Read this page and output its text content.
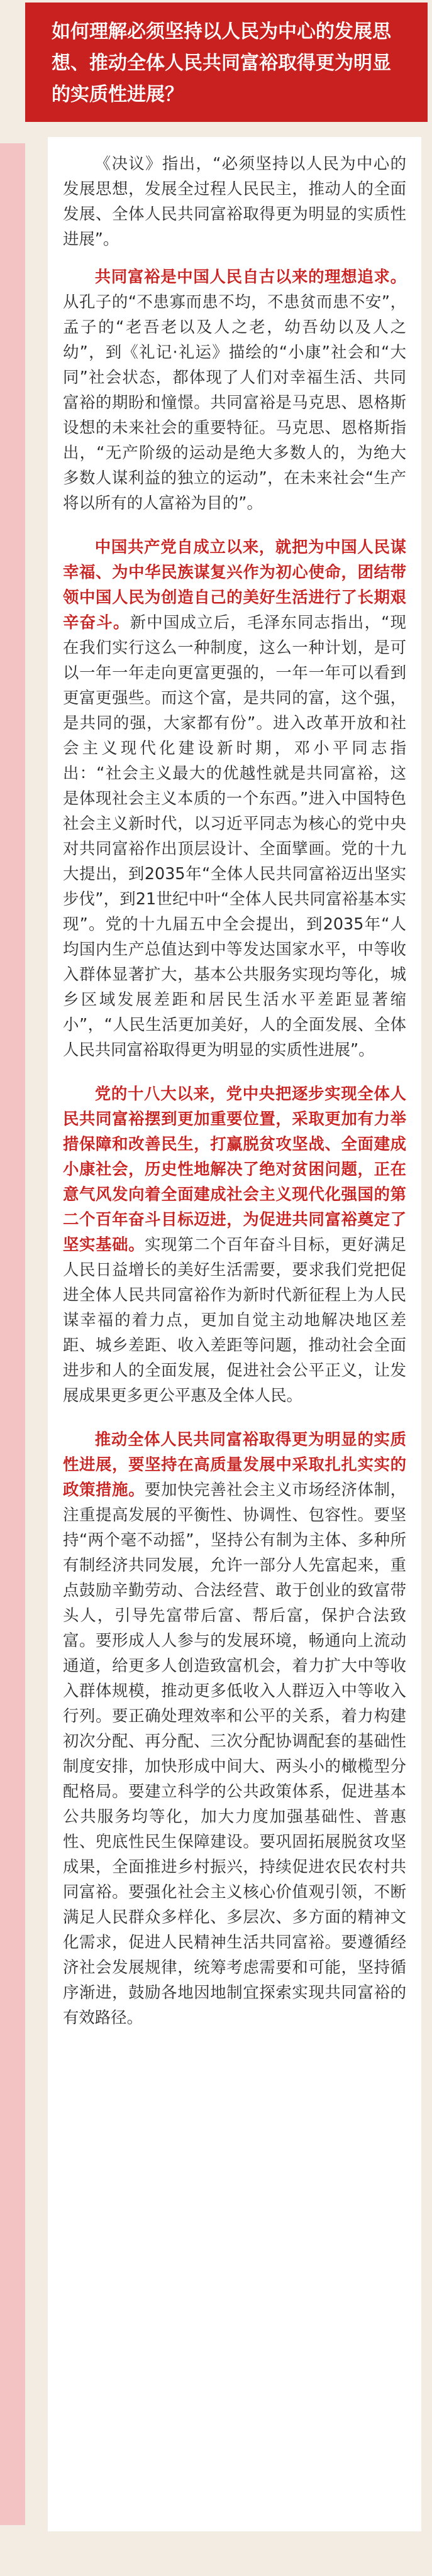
如何理解必须坚持以人民为中心的发展思想、推动全体人民共同富裕取得更为明显的实质性进展？

《决议》指出，“必须坚持以人民为中心的发展思想，发展全过程人民民主，推动人的全面发展、全体人民共同富裕取得更为明显的实质性进展”。

共同富裕是中国人民自古以来的理想追求。从孔子的“不患寡而患不均，不患贫而患不安”，孟子的“老吾老以及人之老，幼吾幼以及人之幼”，到《礼记·礼运》描绘的“小康”社会和“大同”社会状态，都体现了人们对幸福生活、共同富裕的期盼和憧憬。共同富裕是马克思、恩格斯设想的未来社会的重要特征。马克思、恩格斯指出，“无产阶级的运动是绝大多数人的，为绝大多数人谋利益的独立的运动”，在未来社会“生产将以所有的人富裕为目的”。

中国共产党自成立以来，就把为中国人民谋幸福、为中华民族谋复兴作为初心使命，团结带领中国人民为创造自己的美好生活进行了长期艰辛奋斗。新中国成立后，毛泽东同志指出，“现在我们实行这么一种制度，这么一种计划，是可以一年一年走向更富更强的，一年一年可以看到更富更强些。而这个富，是共同的富，这个强，是共同的强，大家都有份”。进入改革开放和社会主义现代化建设新时期，邓小平同志指出：“社会主义最大的优越性就是共同富裕，这是体现社会主义本质的一个东西。”进入中国特色社会主义新时代，以习近平同志为核心的党中央对共同富裕作出顶层设计、全面擘画。党的十九大提出，到2035年“全体人民共同富裕迈出坚实步伐”，到21世纪中叶“全体人民共同富裕基本实现”。党的十九届五中全会提出，到2035年“人均国内生产总值达到中等发达国家水平，中等收入群体显著扩大，基本公共服务实现均等化，城乡区域发展差距和居民生活水平差距显著缩小”，“人民生活更加美好，人的全面发展、全体人民共同富裕取得更为明显的实质性进展”。

党的十八大以来，党中央把逐步实现全体人民共同富裕摆到更加重要位置，采取更加有力举措保障和改善民生，打赢脱贫攻坚战、全面建成小康社会，历史性地解决了绝对贫困问题，正在意气风发向着全面建成社会主义现代化强国的第二个百年奋斗目标迈进，为促进共同富裕奠定了坚实基础。实现第二个百年奋斗目标，更好满足人民日益增长的美好生活需要，要求我们党把促进全体人民共同富裕作为新时代新征程上为人民谋幸福的着力点，更加自觉主动地解决地区差距、城乡差距、收入差距等问题，推动社会全面进步和人的全面发展，促进社会公平正义，让发展成果更多更公平惠及全体人民。

推动全体人民共同富裕取得更为明显的实质性进展，要坚持在高质量发展中采取扎扎实实的政策措施。要加快完善社会主义市场经济体制，注重提高发展的平衡性、协调性、包容性。要坚持“两个毫不动摇”，坚持公有制为主体、多种所有制经济共同发展，允许一部分人先富起来，重点鼓励辛勤劳动、合法经营、敢于创业的致富带头人，引导先富带后富、帮后富，保护合法致富。要形成人人参与的发展环境，畅通向上流动通道，给更多人创造致富机会，着力扩大中等收入群体规模，推动更多低收入人群迈入中等收入行列。要正确处理效率和公平的关系，着力构建初次分配、再分配、三次分配协调配套的基础性制度安排，加快形成中间大、两头小的橄榄型分配格局。要建立科学的公共政策体系，促进基本公共服务均等化，加大力度加强基础性、普惠性、兜底性民生保障建设。要巩固拓展脱贫攻坚成果，全面推进乡村振兴，持续促进农民农村共同富裕。要强化社会主义核心价值观引领，不断满足人民群众多样化、多层次、多方面的精神文化需求，促进人民精神生活共同富裕。要遵循经济社会发展规律，统筹考虑需要和可能，坚持循序渐进，鼓励各地因地制宜探索实现共同富裕的有效路径。
